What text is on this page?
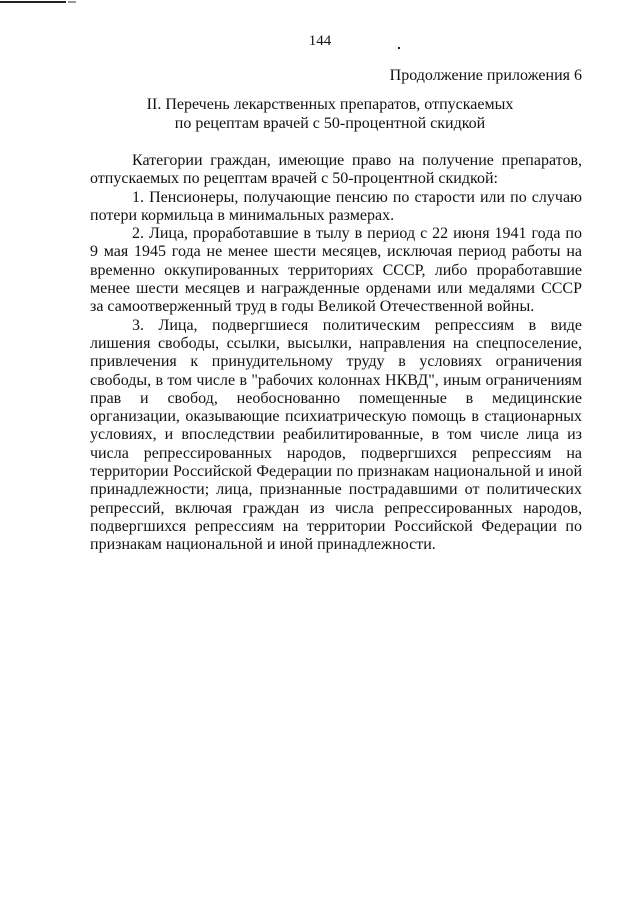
144
Продолжение приложения 6
II. Перечень лекарственных препаратов, отпускаемых
по рецептам врачей с 50-процентной скидкой

Категории граждан, имеющие право на получение препаратов, отпускаемых по рецептам врачей с 50-процентной скидкой:

1. Пенсионеры, получающие пенсию по старости или по случаю потери кормильца в минимальных размерах.

2. Лица, проработавшие в тылу в период с 22 июня 1941 года по 9 мая 1945 года не менее шести месяцев, исключая период работы на временно оккупированных территориях СССР, либо проработавшие менее шести месяцев и награжденные орденами или медалями СССР за самоотверженный труд в годы Великой Отечественной войны.

3. Лица, подвергшиеся политическим репрессиям в виде лишения свободы, ссылки, высылки, направления на спецпоселение, привлечения к принудительному труду в условиях ограничения свободы, в том числе в "рабочих колоннах НКВД", иным ограничениям прав и свобод, необоснованно помещенные в медицинские организации, оказывающие психиатрическую помощь в стационарных условиях, и впоследствии реабилитированные, в том числе лица из числа репрессированных народов, подвергшихся репрессиям на территории Российской Федерации по признакам национальной и иной принадлежности; лица, признанные пострадавшими от политических репрессий, включая граждан из числа репрессированных народов, подвергшихся репрессиям на территории Российской Федерации по признакам национальной и иной принадлежности.
